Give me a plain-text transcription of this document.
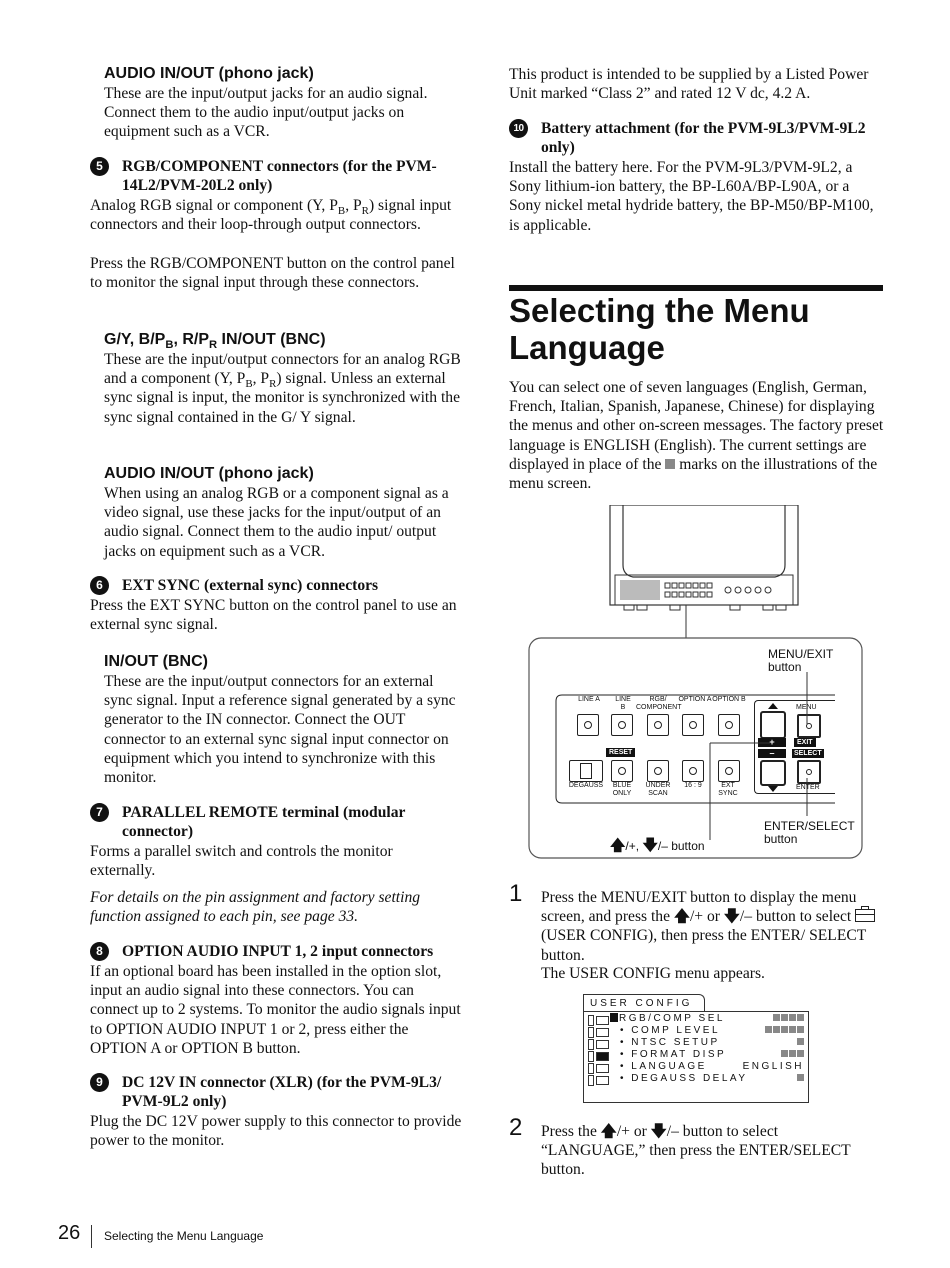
AUDIO IN/OUT (phono jack)
These are the input/output jacks for an audio signal. Connect them to the audio input/output jacks on equipment such as a VCR.
5	RGB/COMPONENT connectors (for the PVM-14L2/PVM-20L2 only)
Analog RGB signal or component (Y, $P_B$, $P_R$) signal input connectors and their loop-through output connectors.
Press the RGB/COMPONENT button on the control panel to monitor the signal input through these connectors.
G/Y, $B/P_B$, $R/P_R$ IN/OUT (BNC)
These are the input/output connectors for an analog RGB and a component (Y, $P_B$, $P_R$) signal. Unless an external sync signal is input, the monitor is synchronized with the sync signal contained in the G/ Y signal.
AUDIO IN/OUT (phono jack)
When using an analog RGB or a component signal as a video signal, use these jacks for the input/output of an audio signal. Connect them to the audio input/ output jacks on equipment such as a VCR.
6	EXT SYNC (external sync) connectors
Press the EXT SYNC button on the control panel to use an external sync signal.
IN/OUT (BNC)
These are the input/output connectors for an external sync signal. Input a reference signal generated by a sync generator to the IN connector. Connect the OUT connector to an external sync signal input connector on equipment which you intend to synchronize with this monitor.
7	PARALLEL REMOTE terminal (modular connector)
Forms a parallel switch and controls the monitor externally.
For details on the pin assignment and factory setting function assigned to each pin, see page 33.
8	OPTION AUDIO INPUT 1, 2 input connectors
If an optional board has been installed in the option slot, input an audio signal into these connectors. You can connect up to 2 systems. To monitor the audio signals input to OPTION AUDIO INPUT 1 or 2, press either the OPTION A or OPTION B button.
9	DC 12V IN connector (XLR) (for the PVM-9L3/ PVM-9L2 only)
Plug the DC 12V power supply to this connector to provide power to the monitor.
This product is intended to be supplied by a Listed Power Unit marked “Class 2” and rated 12 V dc, 4.2 A.
10	Battery attachment (for the PVM-9L3/PVM-9L2 only)
Install the battery here. For the PVM-9L3/PVM-9L2, a Sony lithium-ion battery, the BP-L60A/BP-L90A, or a Sony nickel metal hydride battery, the BP-M50/BP-M100, is applicable.
Selecting the Menu Language
You can select one of seven languages (English, German, French, Italian, Spanish, Japanese, Chinese) for displaying the menus and other on-screen messages. The factory preset language is ENGLISH (English). The current settings are displayed in place of the  marks on the illustrations of the menu screen.
LINE A	LINE B
RGB/ COMPONENT
OPTION A OPTION B
RESET
DEGAUSS	BLUE ONLY
UNDER SCAN
16 : 9	EXT SYNC
+
–
MENU
EXIT
SELECT
ENTER
MENU/EXIT button
ENTER/SELECT button
🡅/+, 🡇/– button
1 Press the MENU/EXIT button to display the menu screen, and press the 🡅/+ or 🡇/– button to select
(USER CONFIG), then press the ENTER/ SELECT button.
The USER CONFIG menu appears.
USER CONFIG
RGB/COMP SEL
• COMP LEVEL
• NTSC SETUP
• FORMAT DISP
• LANGUAGE	ENGLISH
• DEGAUSS DELAY
2 Press the 🡅/+ or 🡇/– button to select “LANGUAGE,” then press the ENTER/SELECT button.
26 Selecting the Menu Language
